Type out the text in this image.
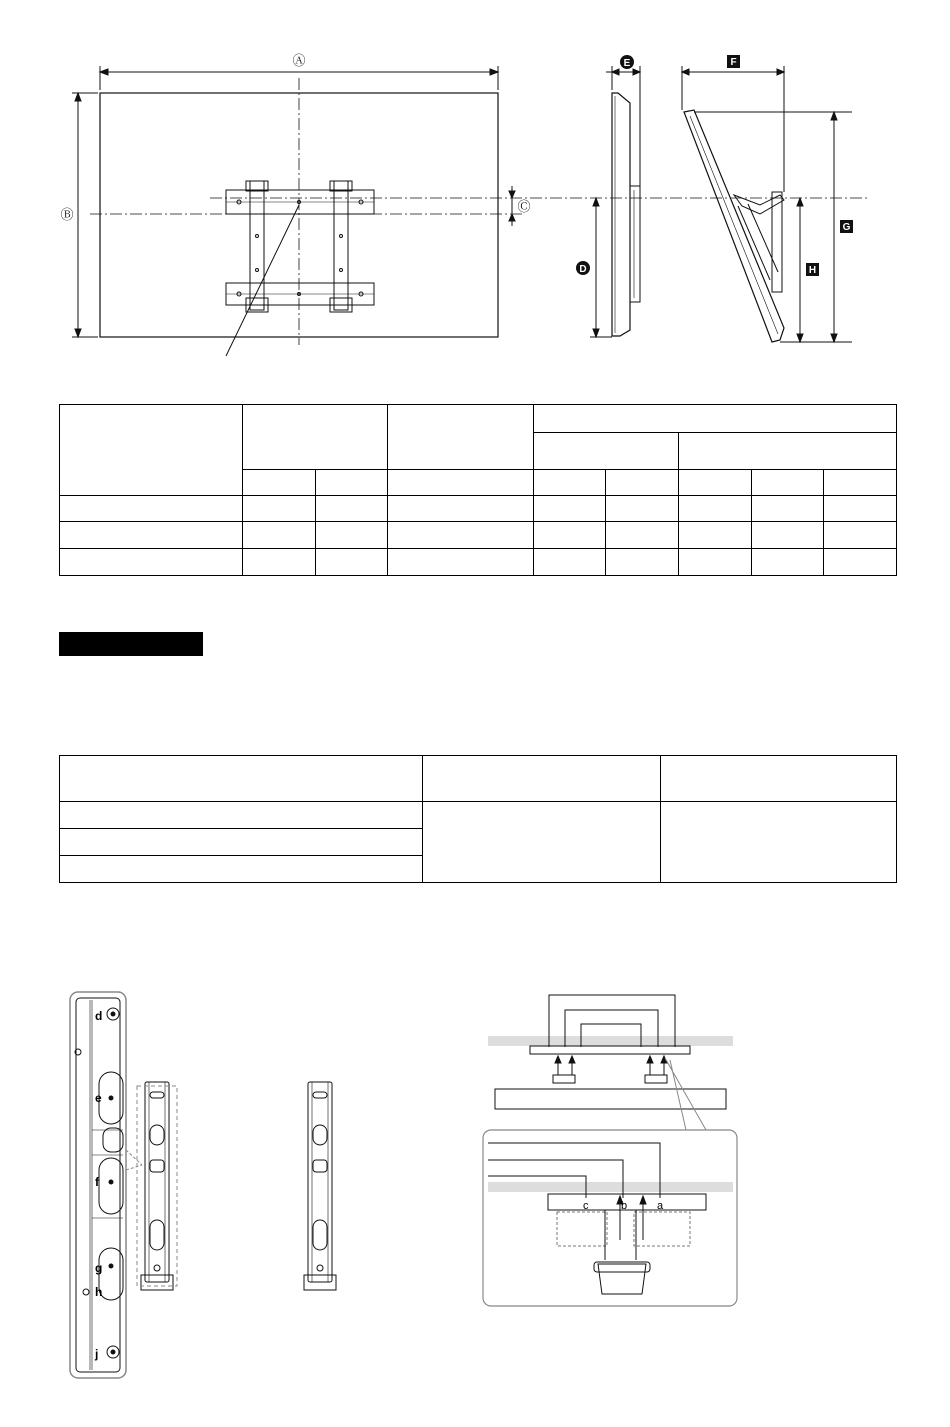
Ⓐ
Ⓑ
Ⓒ
E
D
F
G
H
d
e
f
g
h
j
c	b	a
